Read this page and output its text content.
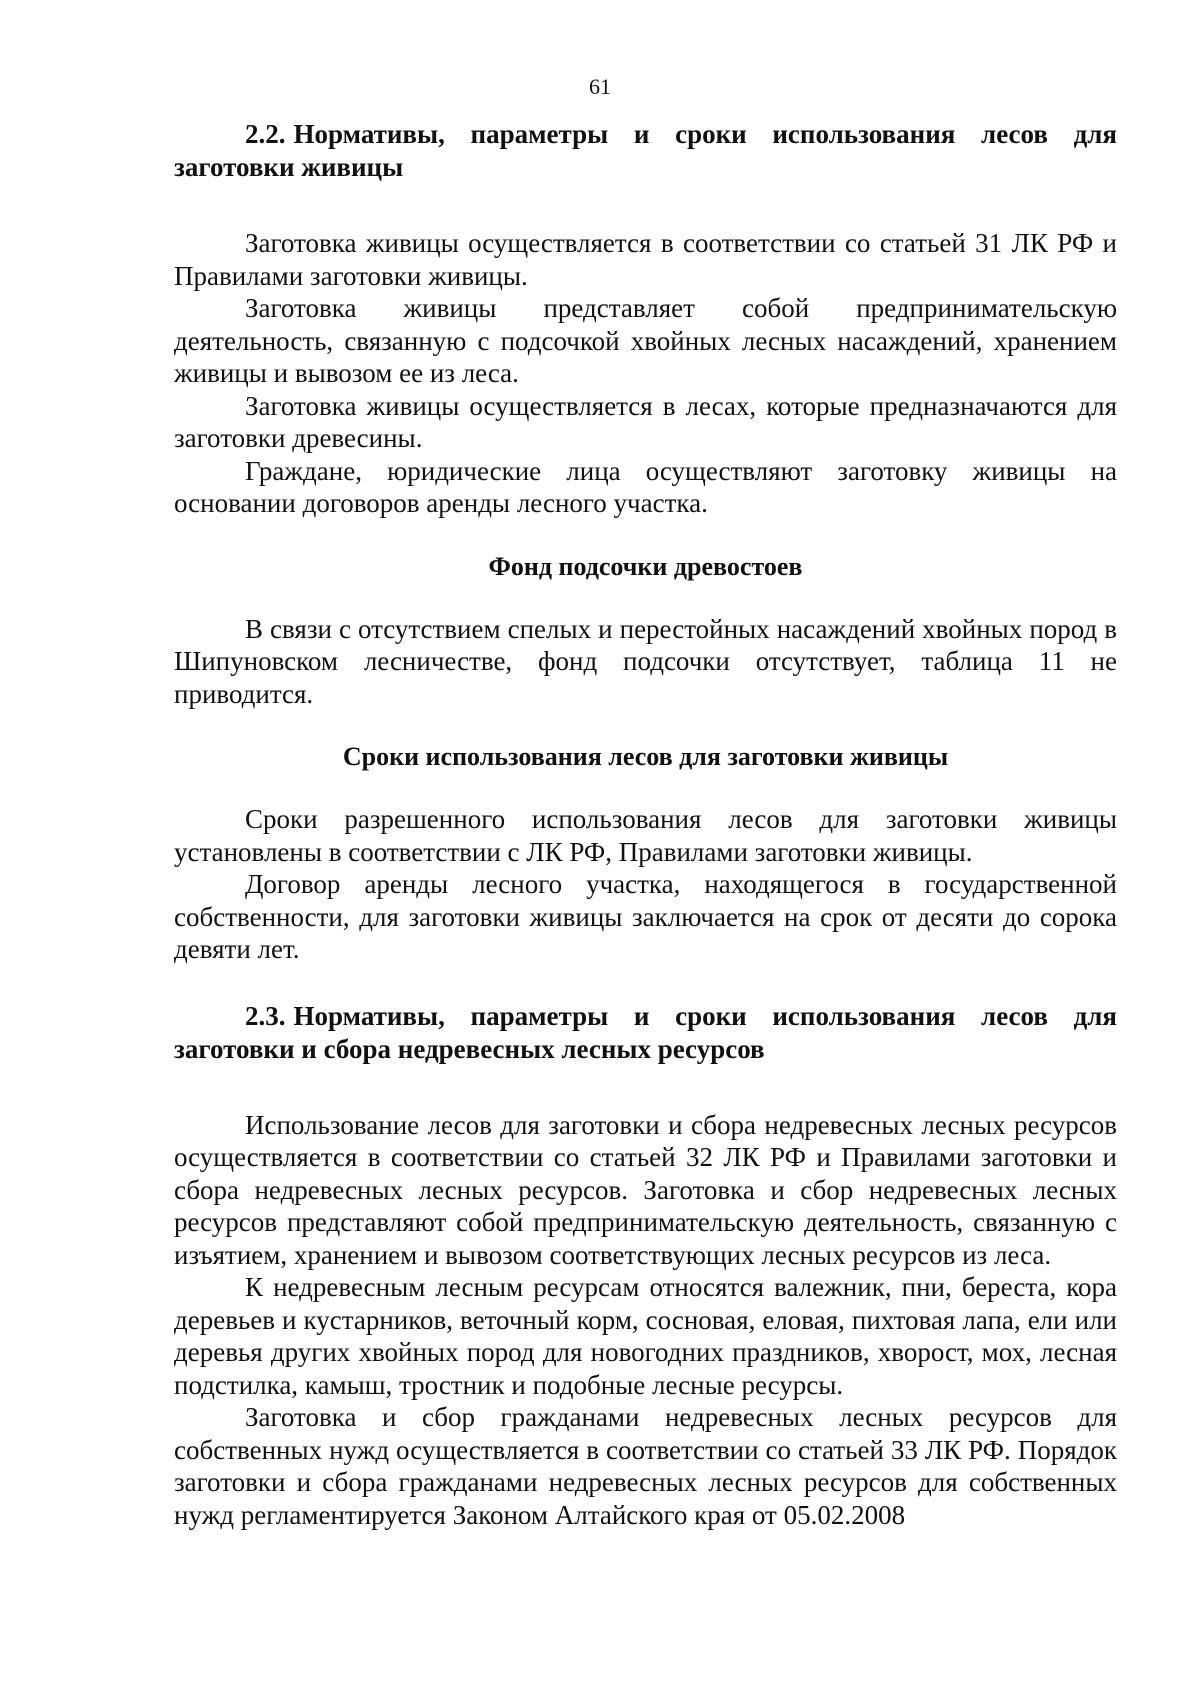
61
2.2. Нормативы, параметры и сроки использования лесов для заготовки живицы

Заготовка живицы осуществляется в соответствии со статьей 31 ЛК РФ и Правилами заготовки живицы.

Заготовка живицы представляет собой предпринимательскую деятельность, связанную с подсочкой хвойных лесных насаждений, хранением живицы и вывозом ее из леса.

Заготовка живицы осуществляется в лесах, которые предназначаются для заготовки древесины.

Граждане, юридические лица осуществляют заготовку живицы на основании договоров аренды лесного участка.

Фонд подсочки древостоев

В связи с отсутствием спелых и перестойных насаждений хвойных пород в Шипуновском лесничестве, фонд подсочки отсутствует, таблица 11 не приводится.

Сроки использования лесов для заготовки живицы

Сроки разрешенного использования лесов для заготовки живицы установлены в соответствии с ЛК РФ, Правилами заготовки живицы.

Договор аренды лесного участка, находящегося в государственной собственности, для заготовки живицы заключается на срок от десяти до сорока девяти лет.

2.3. Нормативы, параметры и сроки использования лесов для заготовки и сбора недревесных лесных ресурсов

Использование лесов для заготовки и сбора недревесных лесных ресурсов осуществляется в соответствии со статьей 32 ЛК РФ и Правилами заготовки и сбора недревесных лесных ресурсов. Заготовка и сбор недревесных лесных ресурсов представляют собой предпринимательскую деятельность, связанную с изъятием, хранением и вывозом соответствующих лесных ресурсов из леса.

К недревесным лесным ресурсам относятся валежник, пни, береста, кора деревьев и кустарников, веточный корм, сосновая, еловая, пихтовая лапа, ели или деревья других хвойных пород для новогодних праздников, хворост, мох, лесная подстилка, камыш, тростник и подобные лесные ресурсы.

Заготовка и сбор гражданами недревесных лесных ресурсов для собственных нужд осуществляется в соответствии со статьей 33 ЛК РФ. Порядок заготовки и сбора гражданами недревесных лесных ресурсов для собственных нужд регламентируется Законом Алтайского края от 05.02.2008
